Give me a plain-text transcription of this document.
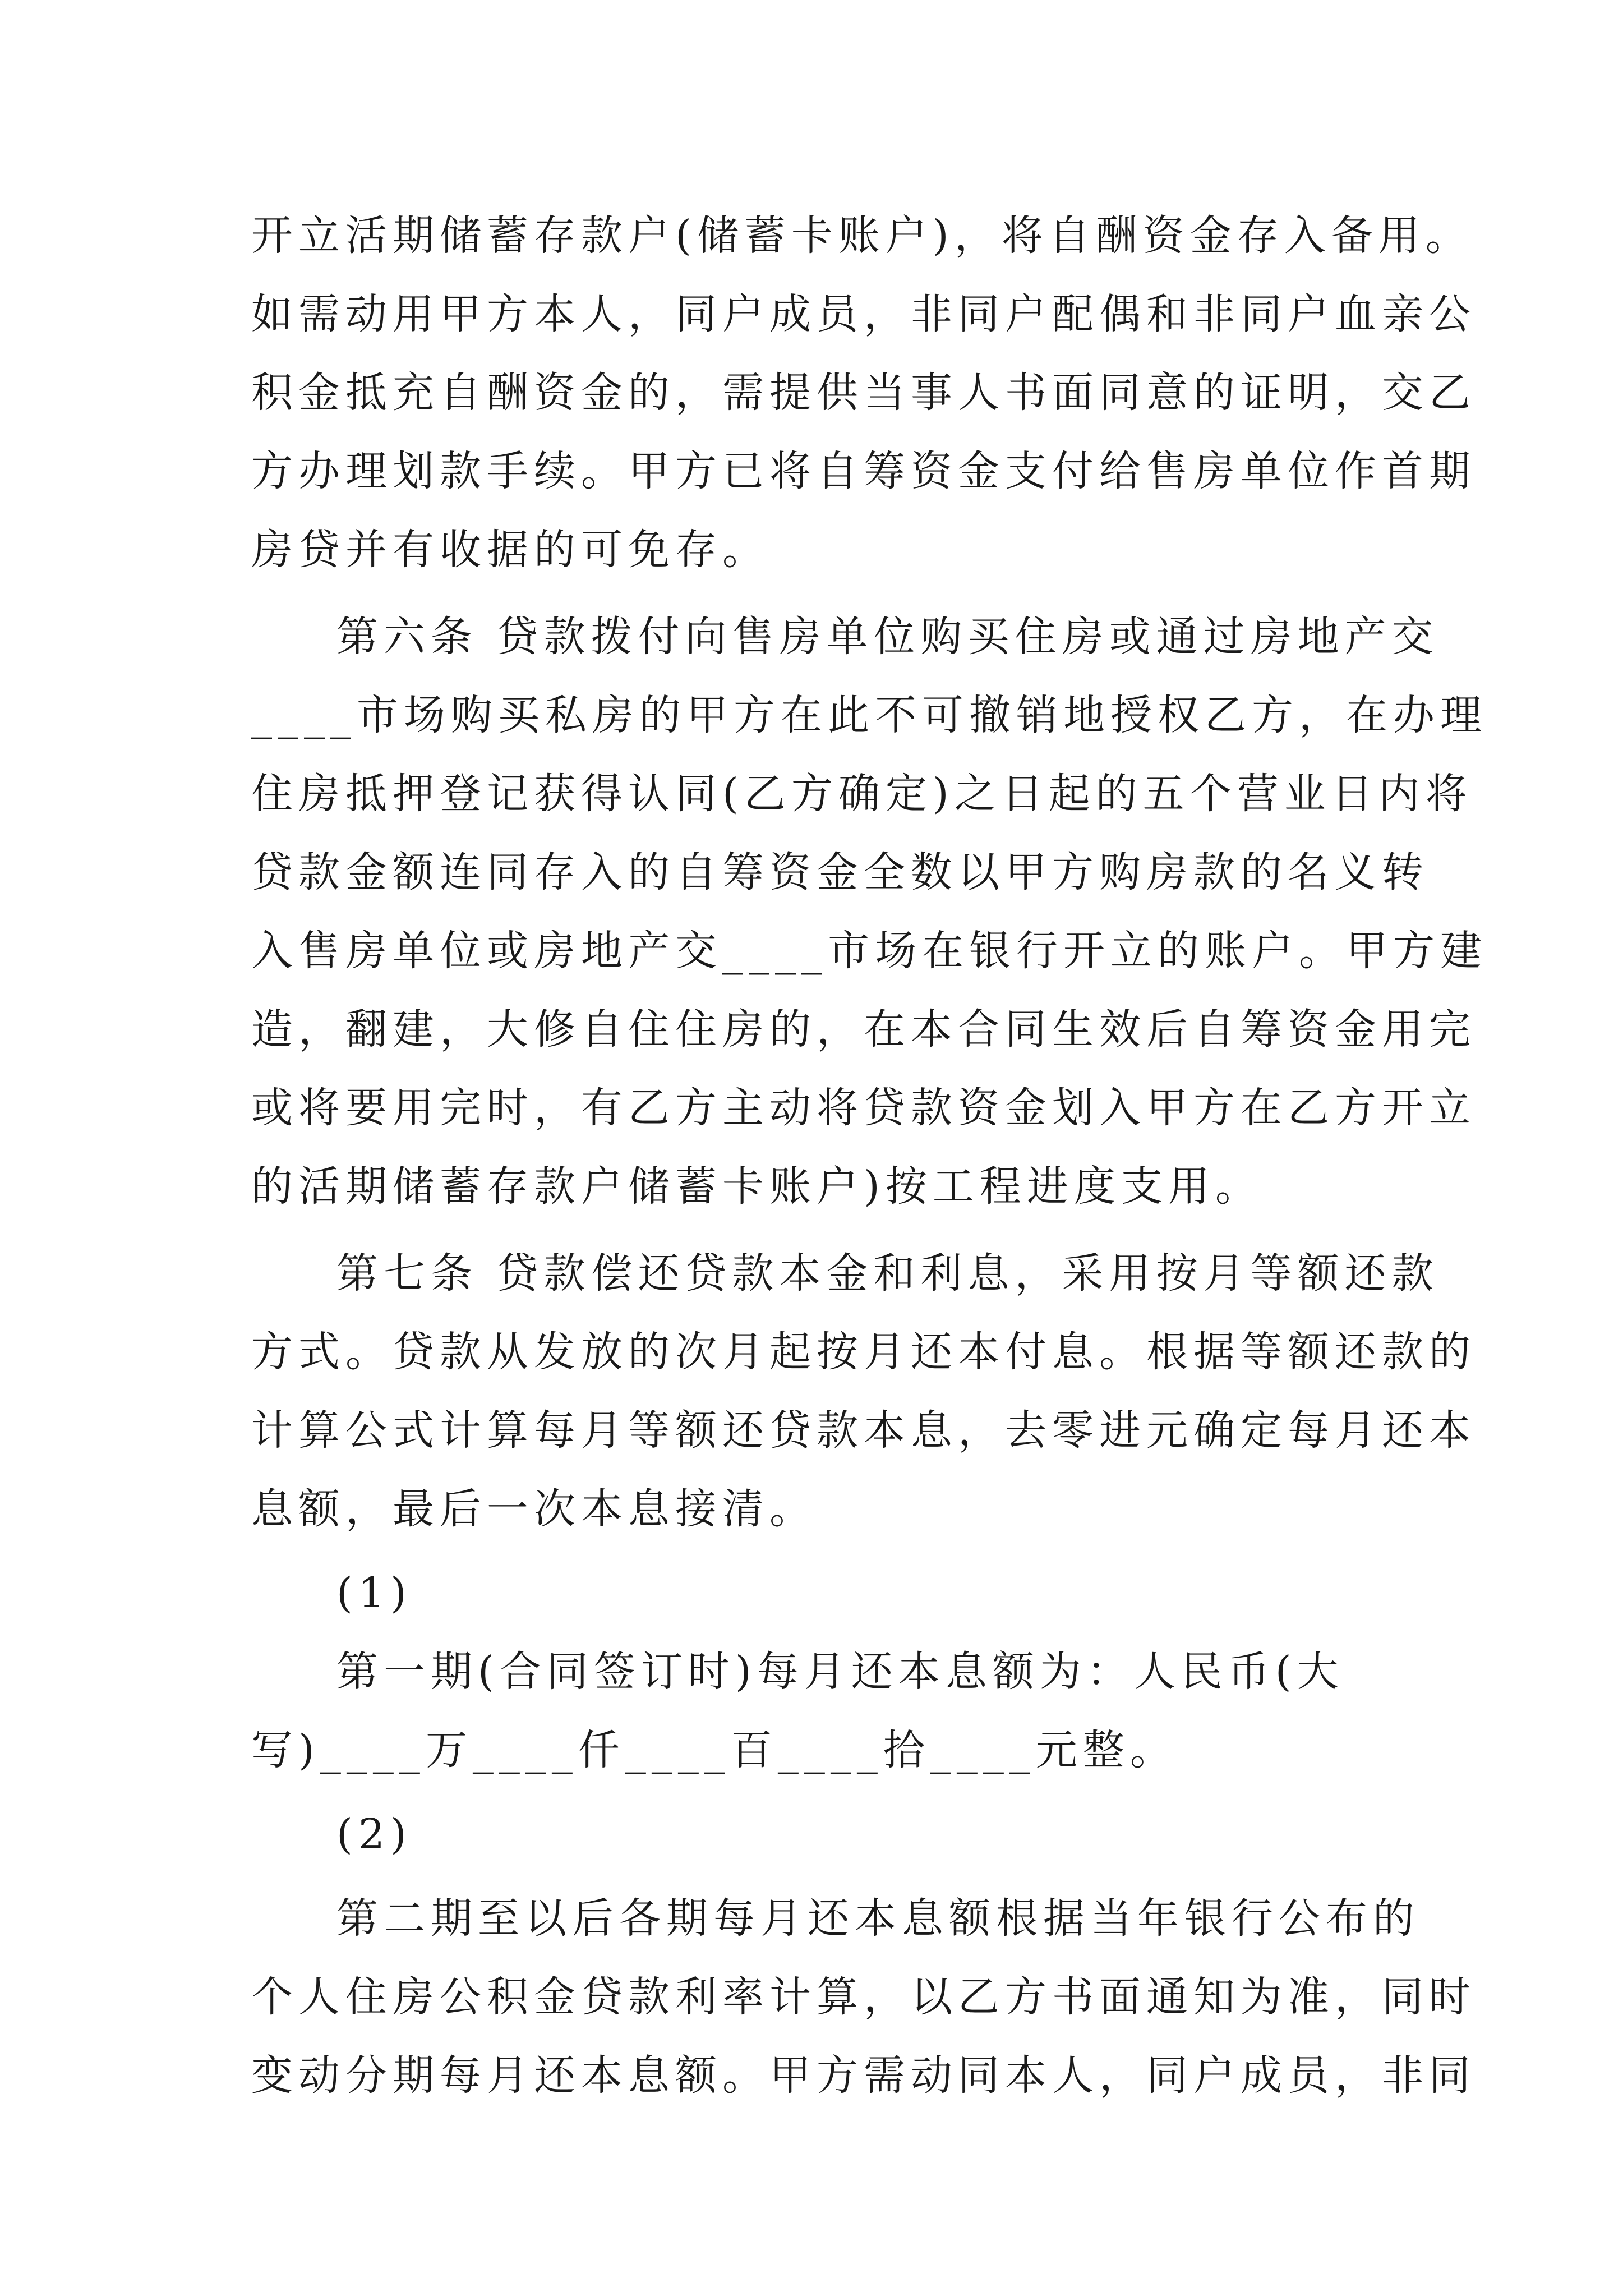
开立活期储蓄存款户(储蓄卡账户)，将自酬资金存入备用。
如需动用甲方本人，同户成员，非同户配偶和非同户血亲公
积金抵充自酬资金的，需提供当事人书面同意的证明，交乙
方办理划款手续。甲方已将自筹资金支付给售房单位作首期
房贷并有收据的可免存。
第六条 贷款拨付向售房单位购买住房或通过房地产交
____市场购买私房的甲方在此不可撤销地授权乙方，在办理
住房抵押登记获得认同(乙方确定)之日起的五个营业日内将
贷款金额连同存入的自筹资金全数以甲方购房款的名义转
入售房单位或房地产交____市场在银行开立的账户。甲方建
造，翻建，大修自住住房的，在本合同生效后自筹资金用完
或将要用完时，有乙方主动将贷款资金划入甲方在乙方开立
的活期储蓄存款户储蓄卡账户)按工程进度支用。
第七条 贷款偿还贷款本金和利息，采用按月等额还款
方式。贷款从发放的次月起按月还本付息。根据等额还款的
计算公式计算每月等额还贷款本息，去零进元确定每月还本
息额，最后一次本息接清。
(1)
第一期(合同签订时)每月还本息额为：人民币(大
写)____万____仟____百____拾____元整。
(2)
第二期至以后各期每月还本息额根据当年银行公布的
个人住房公积金贷款利率计算，以乙方书面通知为准，同时
变动分期每月还本息额。甲方需动同本人，同户成员，非同
